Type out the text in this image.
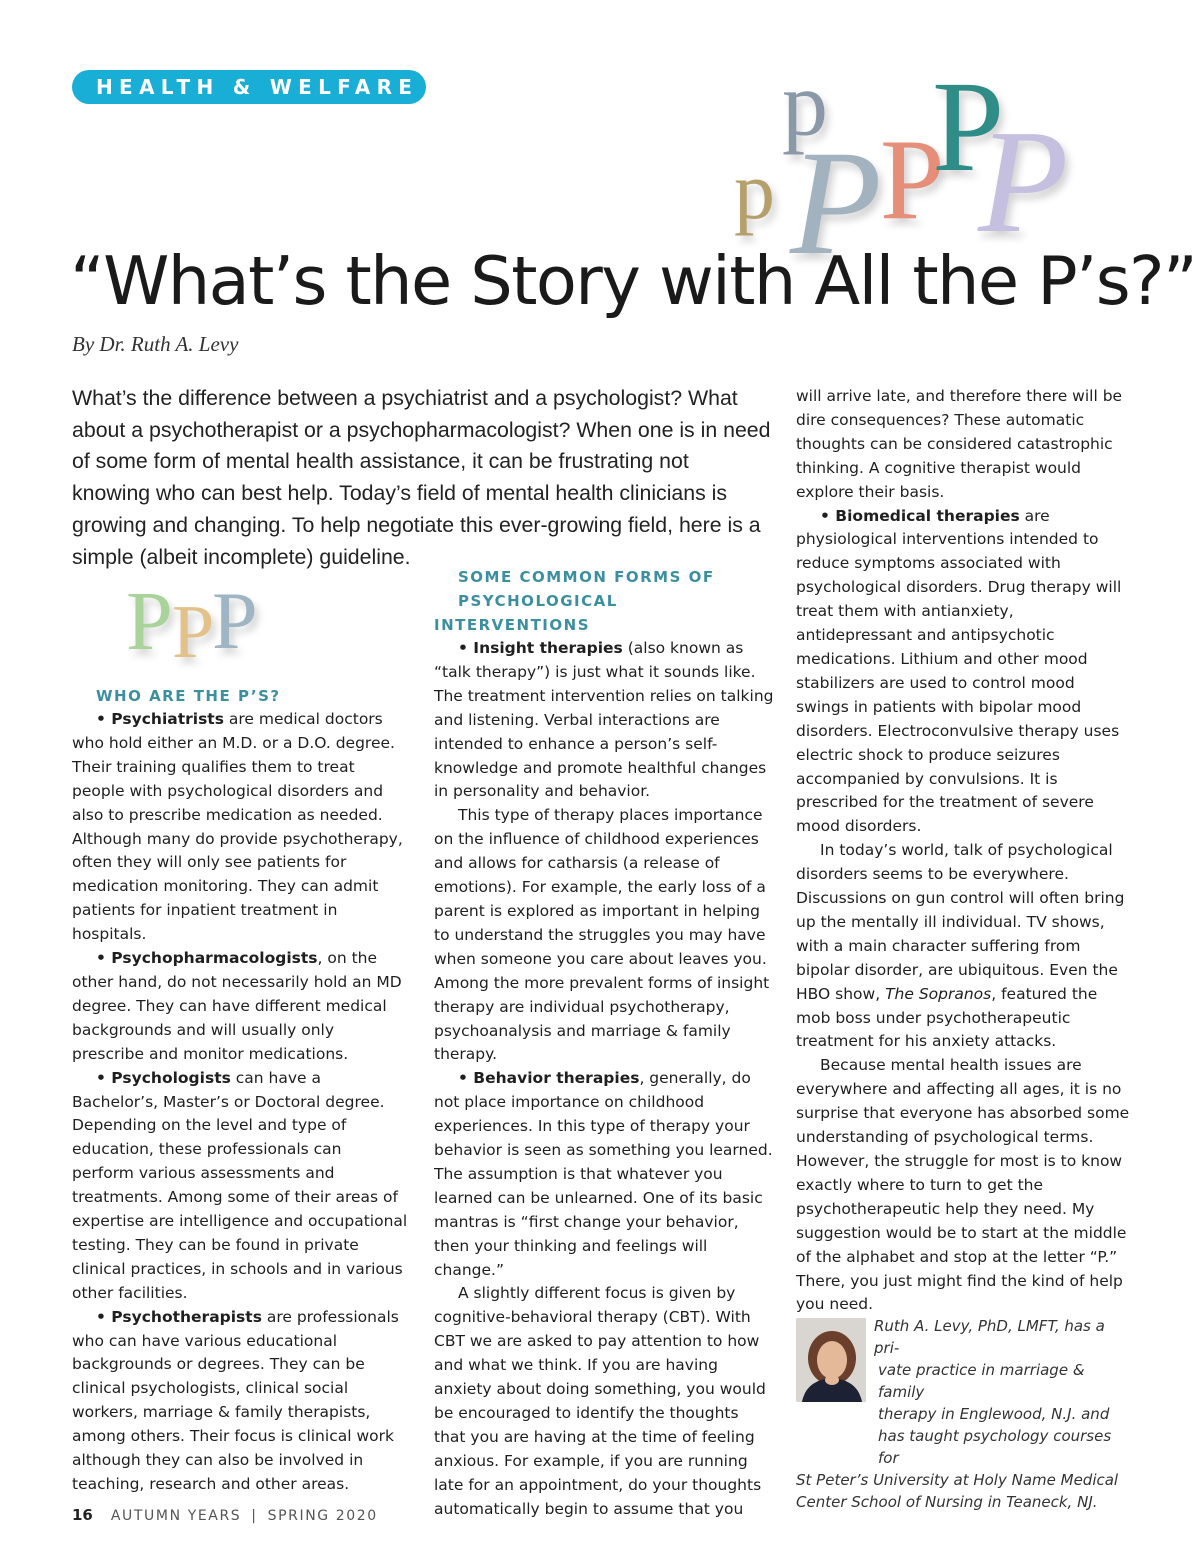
HEALTH & WELFARE
p
p
P
P
P
P
“What’s the Story with All the P’s?”
By Dr. Ruth A. Levy

What’s the difference between a psychiatrist and a psychologist? What about a psychotherapist or a psychopharmacologist? When one is in need of some form of mental health assistance, it can be frustrating not knowing who can best help. Today’s field of mental health clinicians is growing and changing. To help negotiate this ever-growing field, here is a simple (albeit incomplete) guideline.

P P
P

WHO ARE THE P’S?

• Psychiatrists are medical doctors who hold either an M.D. or a D.O. degree. Their training qualifies them to treat people with psychological disorders and also to prescribe medication as needed. Although many do provide psychotherapy, often they will only see patients for medication monitoring. They can admit patients for inpatient treatment in hospitals.

• Psychopharmacologists, on the other hand, do not necessarily hold an MD degree. They can have different medical backgrounds and will usually only prescribe and monitor medications.

• Psychologists can have a Bachelor’s, Master’s or Doctoral degree. Depending on the level and type of education, these professionals can perform various assessments and treatments. Among some of their areas of expertise are intelligence and occupational testing. They can be found in private clinical practices, in schools and in various other facilities.

• Psychotherapists are professionals who can have various educational backgrounds or degrees. They can be clinical psychologists, clinical social workers, marriage & family therapists, among others. Their focus is clinical work although they can also be involved in teaching, research and other areas.

SOME COMMON FORMS OF

PSYCHOLOGICAL INTERVENTIONS

• Insight therapies (also known as “talk therapy”) is just what it sounds like. The treatment intervention relies on talking and listening. Verbal interactions are intended to enhance a person’s self-knowledge and promote healthful changes in personality and behavior.

This type of therapy places importance on the influence of childhood experiences and allows for catharsis (a release of emotions). For example, the early loss of a parent is explored as important in helping to understand the struggles you may have when someone you care about leaves you. Among the more prevalent forms of insight therapy are individual psychotherapy, psychoanalysis and marriage & family therapy.

• Behavior therapies, generally, do not place importance on childhood experiences. In this type of therapy your behavior is seen as something you learned. The assumption is that whatever you learned can be unlearned. One of its basic mantras is “first change your behavior, then your thinking and feelings will change.”

A slightly different focus is given by cognitive-behavioral therapy (CBT). With CBT we are asked to pay attention to how and what we think. If you are having anxiety about doing something, you would be encouraged to identify the thoughts that you are having at the time of feeling anxious. For example, if you are running late for an appointment, do your thoughts automatically begin to assume that you

will arrive late, and therefore there will be dire consequences? These automatic thoughts can be considered catastrophic thinking. A cognitive therapist would explore their basis.

• Biomedical therapies are physiological interventions intended to reduce symptoms associated with psychological disorders. Drug therapy will treat them with antianxiety, antidepressant and antipsychotic medications. Lithium and other mood stabilizers are used to control mood swings in patients with bipolar mood disorders. Electroconvulsive therapy uses electric shock to produce seizures accompanied by convulsions. It is prescribed for the treatment of severe mood disorders.

In today’s world, talk of psychological disorders seems to be everywhere. Discussions on gun control will often bring up the mentally ill individual. TV shows, with a main character suffering from bipolar disorder, are ubiquitous. Even the HBO show, The Sopranos, featured the mob boss under psychotherapeutic treatment for his anxiety attacks.

Because mental health issues are everywhere and affecting all ages, it is no surprise that everyone has absorbed some understanding of psychological terms. However, the struggle for most is to know exactly where to turn to get the psychotherapeutic help they need. My suggestion would be to start at the middle of the alphabet and stop at the letter “P.” There, you just might find the kind of help you need.

Ruth A. Levy, PhD, LMFT, has a pri-
vate practice in marriage & family
therapy in Englewood, N.J. and
has taught psychology courses for
St Peter’s University at Holy Name Medical
Center School of Nursing in Teaneck, NJ.
16 AUTUMN YEARS | SPRING 2020
